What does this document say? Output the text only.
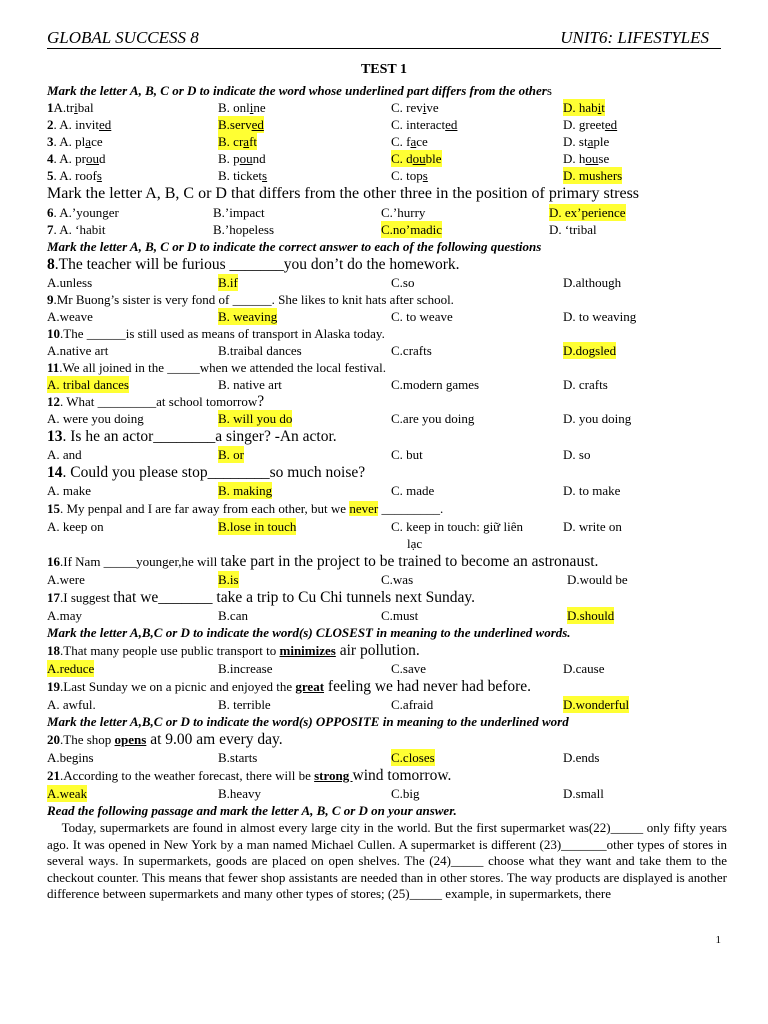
GLOBAL SUCCESS 8	UNIT6: LIFESTYLES
TEST 1
Mark the letter A, B, C or D to indicate the word whose underlined part differs from the others
1A.tribal	B. online	C. revive	D. habit
2. A. invited	B.served	C. interacted	D. greeted
3. A. place	B. craft	C. face	D. staple
4. A. proud	B. pound	C. double	D. house
5. A. roofs	B. tickets	C. tops	D. mushers
Mark the letter A, B, C or D that differs from the other three in the position of primary stress
6. A.’younger	B.’impact	C.’hurry	D. ex’perience
7. A. ‘habit	B.’hopeless	C.no’madic	D. ‘tribal
Mark the letter A, B, C or D to indicate the correct answer to each of the following questions
8.The teacher will be furious _______you don’t do the homework.
A.unless	B.if	C.so	D.although
9.Mr Buong’s sister is very fond of ______. She likes to knit hats after school.
A.weave	B. weaving	C. to weave	D. to weaving
10.The ______is still used as means of transport in Alaska today.
A.native art	B.traibal dances	C.crafts	D.dogsled
11.We all joined in the _____when we attended the local festival.
A. tribal dances	B. native art	C.modern games	D. crafts
12. What _________at school tomorrow?
A. were you doing	B. will you do	C.are you doing	D. you doing
13. Is he an actor________a singer? -An actor.
A. and	B. or	C. but	D. so
14. Could you please stop________so much noise?
A. make	B. making	C. made	D. to make
15. My penpal and I are far away from each other, but we never _________.
A. keep on	B.lose in touch	C. keep in touch: giữ liên
lạc
D. write on
16.If Nam _____younger,he will take part in the project to be trained to become an astronaust.
A.were	B.is	C.was	D.would be
17.I suggest that we_______ take a trip to Cu Chi tunnels next Sunday.
A.may	B.can	C.must	D.should
Mark the letter A,B,C or D to indicate the word(s) CLOSEST in meaning to the underlined words.
18.That many people use public transport to minimizes air pollution.
A.reduce	B.increase	C.save	D.cause
19.Last Sunday we on a picnic and enjoyed the great feeling we had never had before.
A. awful.	B. terrible	C.afraid	D.wonderful
Mark the letter A,B,C or D to indicate the word(s) OPPOSITE in meaning to the underlined word
20.The shop opens at 9.00 am every day.
A.begins	B.starts	C.closes	D.ends
21.According to the weather forecast, there will be strong wind tomorrow.
A.weak	B.heavy	C.big	D.small
Read the following passage and mark the letter A, B, C or D on your answer.
Today, supermarkets are found in almost every large city in the world. But the first supermarket was(22)_____ only fifty years ago. It was opened in New York by a man named Michael Cullen. A supermarket is different (23)_______other types of stores in several ways. In supermarkets, goods are placed on open shelves. The (24)_____ choose what they want and take them to the checkout counter. This means that fewer shop assistants are needed than in other stores. The way products are displayed is another difference between supermarkets and many other types of stores; (25)_____ example, in supermarkets, there
1
